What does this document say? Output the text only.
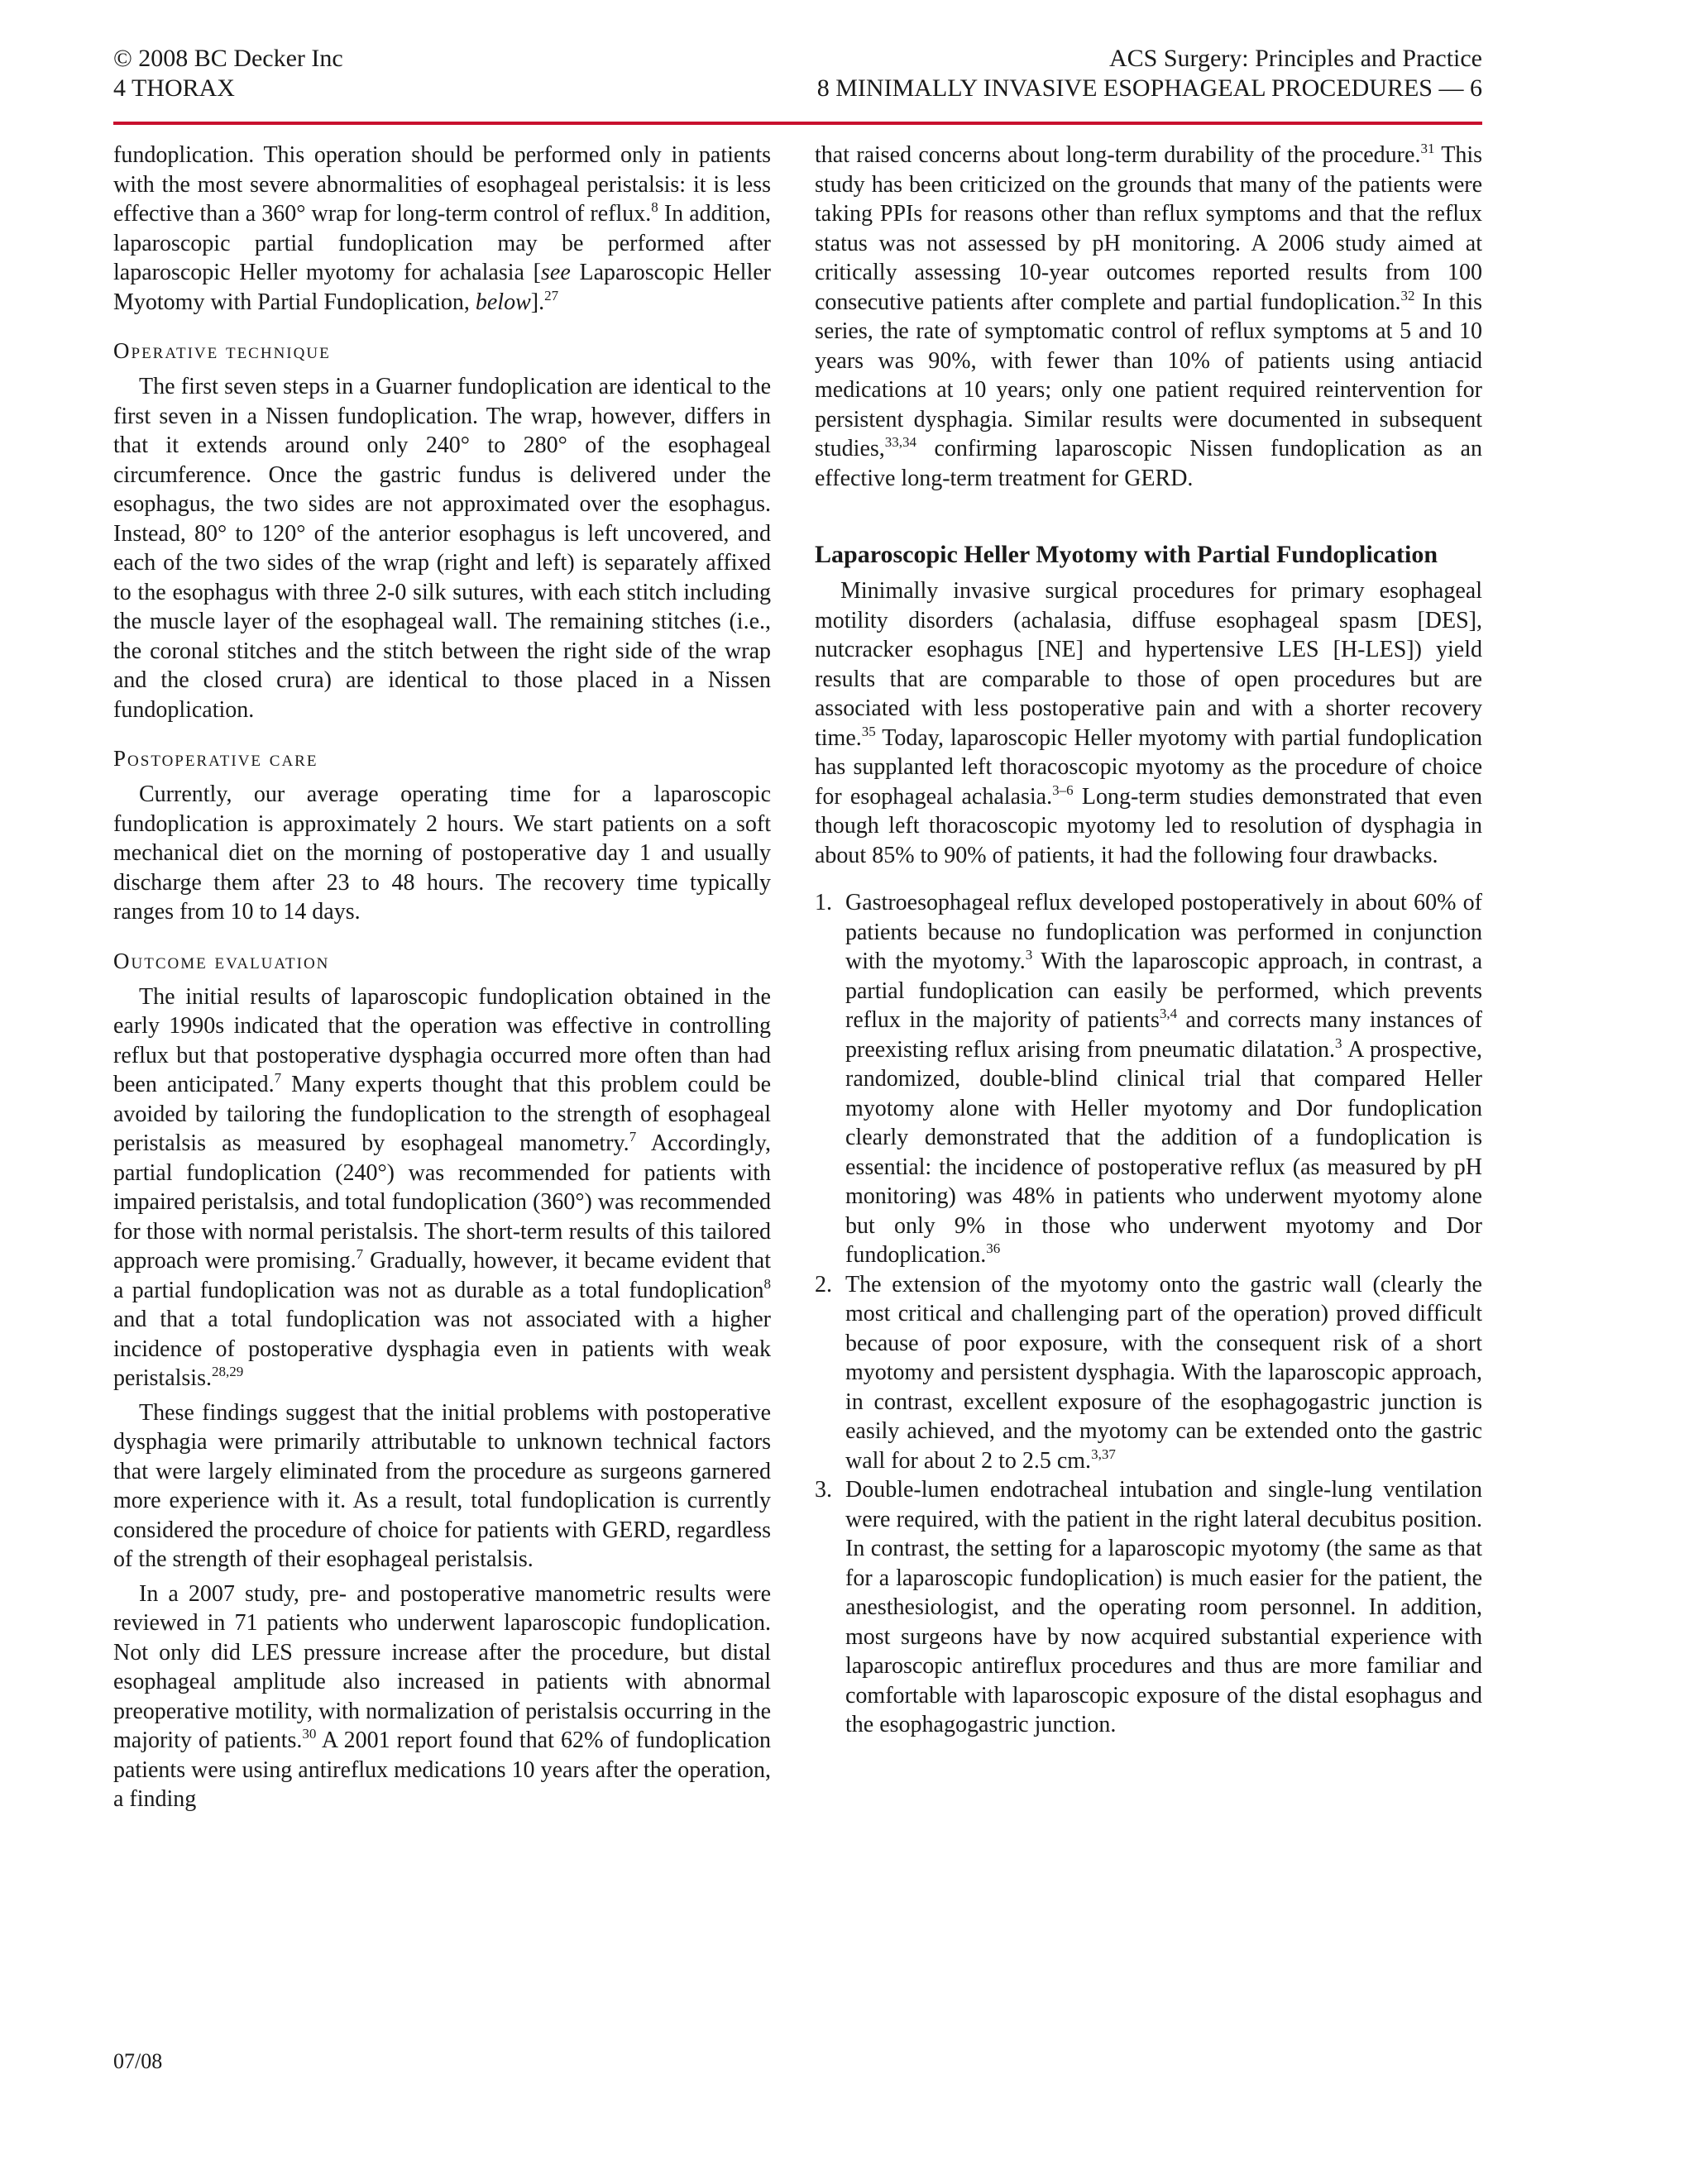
© 2008 BC Decker Inc	ACS Surgery: Principles and Practice
4 THORAX	8 MINIMALLY INVASIVE ESOPHAGEAL PROCEDURES — 6

fundoplication. This operation should be performed only in patients with the most severe abnormalities of esophageal peristalsis: it is less effective than a 360° wrap for long-term control of reflux.$^8$ In addition, laparoscopic partial fundoplication may be performed after laparoscopic Heller myotomy for achalasia [see Laparoscopic Heller Myotomy with Partial Fundoplication, below].$^{27}$

Operative technique

The first seven steps in a Guarner fundoplication are identical to the first seven in a Nissen fundoplication. The wrap, however, differs in that it extends around only 240° to 280° of the esophageal circumference. Once the gastric fundus is delivered under the esophagus, the two sides are not approximated over the esophagus. Instead, 80° to 120° of the anterior esophagus is left uncovered, and each of the two sides of the wrap (right and left) is separately affixed to the esophagus with three 2-0 silk sutures, with each stitch including the muscle layer of the esophageal wall. The remaining stitches (i.e., the coronal stitches and the stitch between the right side of the wrap and the closed crura) are identical to those placed in a Nissen fundoplication.

Postoperative care

Currently, our average operating time for a laparoscopic fundoplication is approximately 2 hours. We start patients on a soft mechanical diet on the morning of postoperative day 1 and usually discharge them after 23 to 48 hours. The recovery time typically ranges from 10 to 14 days.

Outcome evaluation

The initial results of laparoscopic fundoplication obtained in the early 1990s indicated that the operation was effective in controlling reflux but that postoperative dysphagia occurred more often than had been anticipated.$^7$ Many experts thought that this problem could be avoided by tailoring the fundoplication to the strength of esophageal peristalsis as measured by esophageal manometry.$^7$ Accordingly, partial fundoplication (240°) was recommended for patients with impaired peristalsis, and total fundoplication (360°) was recommended for those with normal peristalsis. The short-term results of this tailored approach were promising.$^7$ Gradually, however, it became evident that a partial fundoplication was not as durable as a total fundoplication$^8$ and that a total fundoplication was not associated with a higher incidence of postoperative dysphagia even in patients with weak peristalsis.$^{28,29}$

These findings suggest that the initial problems with postoperative dysphagia were primarily attributable to unknown technical factors that were largely eliminated from the procedure as surgeons garnered more experience with it. As a result, total fundoplication is currently considered the procedure of choice for patients with GERD, regardless of the strength of their esophageal peristalsis.

In a 2007 study, pre- and postoperative manometric results were reviewed in 71 patients who underwent laparoscopic fundoplication. Not only did LES pressure increase after the procedure, but distal esophageal amplitude also increased in patients with abnormal preoperative motility, with normalization of peristalsis occurring in the majority of patients.$^{30}$ A 2001 report found that 62% of fundoplication patients were using antireflux medications 10 years after the operation, a finding

that raised concerns about long-term durability of the procedure.$^{31}$ This study has been criticized on the grounds that many of the patients were taking PPIs for reasons other than reflux symptoms and that the reflux status was not assessed by pH monitoring. A 2006 study aimed at critically assessing 10-year outcomes reported results from 100 consecutive patients after complete and partial fundoplication.$^{32}$ In this series, the rate of symptomatic control of reflux symptoms at 5 and 10 years was 90%, with fewer than 10% of patients using antiacid medications at 10 years; only one patient required reintervention for persistent dysphagia. Similar results were documented in subsequent studies,$^{33,34}$ confirming laparoscopic Nissen fundoplication as an effective long-term treatment for GERD.

Laparoscopic Heller Myotomy with Partial Fundoplication

Minimally invasive surgical procedures for primary esophageal motility disorders (achalasia, diffuse esophageal spasm [DES], nutcracker esophagus [NE] and hypertensive LES [H-LES]) yield results that are comparable to those of open procedures but are associated with less postoperative pain and with a shorter recovery time.$^{35}$ Today, laparoscopic Heller myotomy with partial fundoplication has supplanted left thoracoscopic myotomy as the procedure of choice for esophageal achalasia.$^{3-6}$ Long-term studies demonstrated that even though left thoracoscopic myotomy led to resolution of dysphagia in about 85% to 90% of patients, it had the following four drawbacks.

1. Gastroesophageal reflux developed postoperatively in about 60% of patients because no fundoplication was performed in conjunction with the myotomy.$^3$ With the laparoscopic approach, in contrast, a partial fundoplication can easily be performed, which prevents reflux in the majority of patients$^{3,4}$ and corrects many instances of preexisting reflux arising from pneumatic dilatation.$^3$ A prospective, randomized, double-blind clinical trial that compared Heller myotomy alone with Heller myotomy and Dor fundoplication clearly demonstrated that the addition of a fundoplication is essential: the incidence of postoperative reflux (as measured by pH monitoring) was 48% in patients who underwent myotomy alone but only 9% in those who underwent myotomy and Dor fundoplication.$^{36}$
2. The extension of the myotomy onto the gastric wall (clearly the most critical and challenging part of the operation) proved difficult because of poor exposure, with the consequent risk of a short myotomy and persistent dysphagia. With the laparoscopic approach, in contrast, excellent exposure of the esophagogastric junction is easily achieved, and the myotomy can be extended onto the gastric wall for about 2 to 2.5 cm.$^{3,37}$
3. Double-lumen endotracheal intubation and single-lung ventilation were required, with the patient in the right lateral decubitus position. In contrast, the setting for a laparoscopic myotomy (the same as that for a laparoscopic fundoplication) is much easier for the patient, the anesthesiologist, and the operating room personnel. In addition, most surgeons have by now acquired substantial experience with laparoscopic antireflux procedures and thus are more familiar and comfortable with laparoscopic exposure of the distal esophagus and the esophagogastric junction.
07/08
